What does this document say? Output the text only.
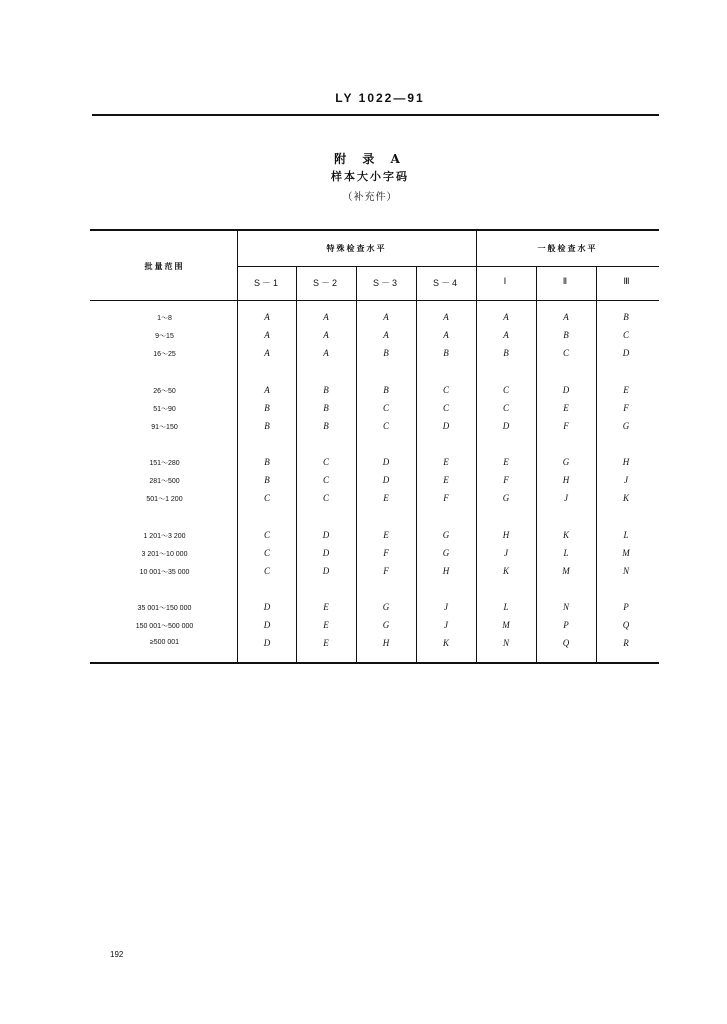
LY 1022—91
附 录 A
样本大小字码
（补充件）
批量范围
特殊检查水平	一般检查水平
S－1	S－2	S－3	S－4	Ⅰ	Ⅱ	Ⅲ
1～8	A	A	A	A	A	A	B
9～15	A	A	A	A	A	B	C
16～25	A	A	B	B	B	C	D
26～50	A	B	B	C	C	D	E
51～90	B	B	C	C	C	E	F
91～150	B	B	C	D	D	F	G
151～280	B	C	D	E	E	G	H
281～500	B	C	D	E	F	H	J
501～1 200	C	C	E	F	G	J	K
1 201～3 200	C	D	E	G	H	K	L
3 201～10 000	C	D	F	G	J	L	M
10 001～35 000	C	D	F	H	K	M	N
35 001～150 000	D	E	G	J	L	N	P
150 001～500 000	D	E	G	J	M	P	Q
≥500 001	D	E	H	K	N	Q	R
192
